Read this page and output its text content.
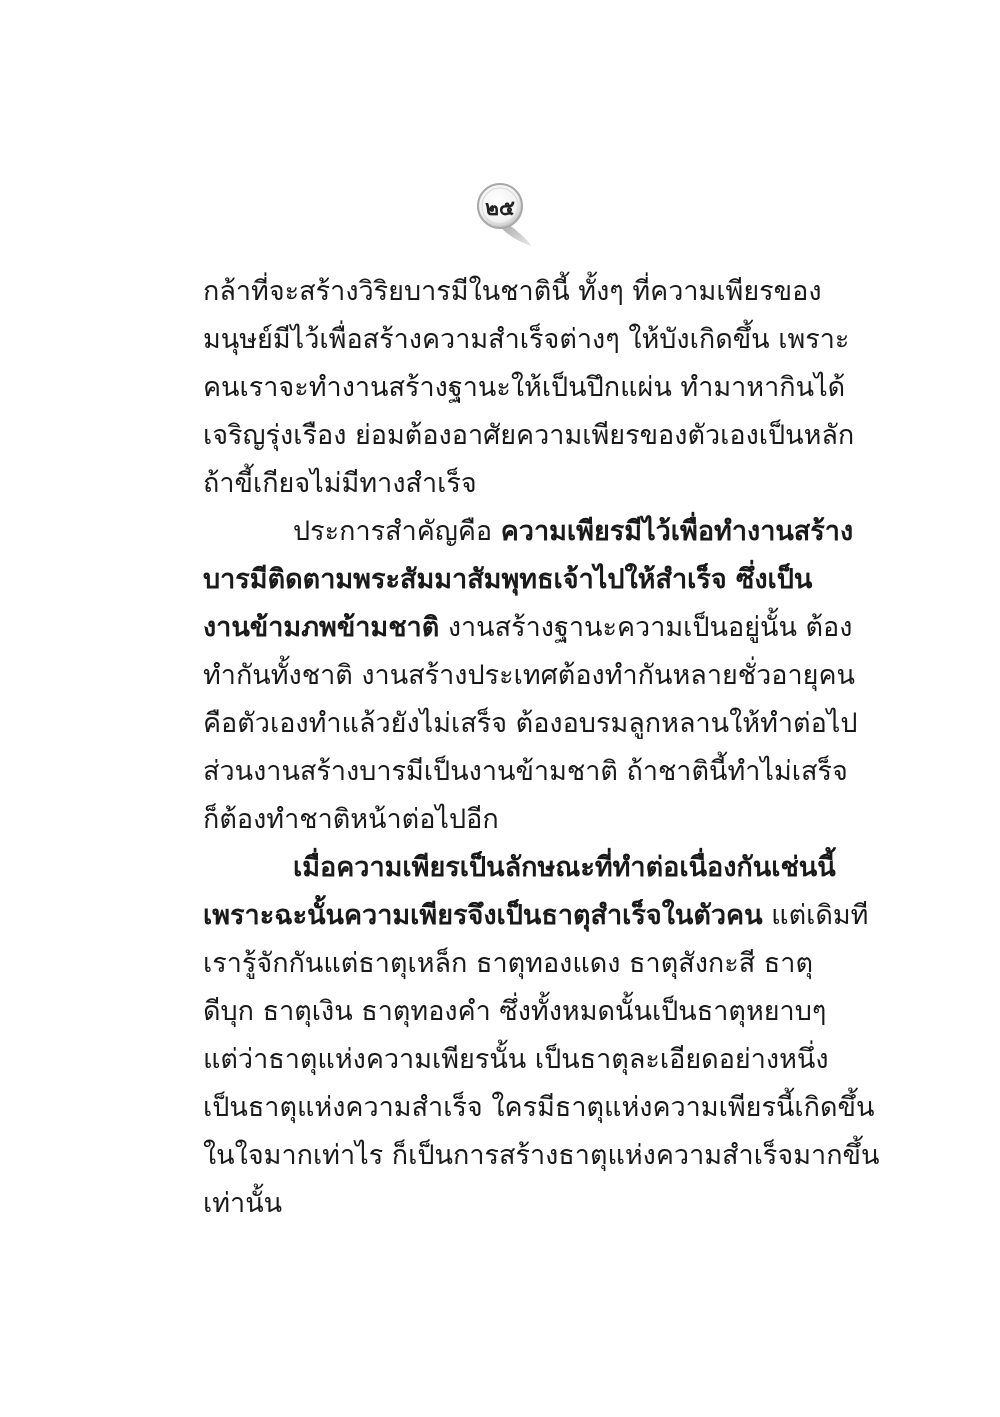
๒๕
กล้าที่จะสร้างวิริยบารมีในชาตินี้ ทั้งๆ ที่ความเพียรของ
มนุษย์มีไว้เพื่อสร้างความสำเร็จต่างๆ ให้บังเกิดขึ้น เพราะ
คนเราจะทำงานสร้างฐานะให้เป็นปึกแผ่น ทำมาหากินได้
เจริญรุ่งเรือง ย่อมต้องอาศัยความเพียรของตัวเองเป็นหลัก
ถ้าขี้เกียจไม่มีทางสำเร็จ
ประการสำคัญคือ ความเพียรมีไว้เพื่อทำงานสร้าง
บารมีติดตามพระสัมมาสัมพุทธเจ้าไปให้สำเร็จ ซึ่งเป็น
งานข้ามภพข้ามชาติ งานสร้างฐานะความเป็นอยู่นั้น ต้อง
ทำกันทั้งชาติ งานสร้างประเทศต้องทำกันหลายชั่วอายุคน
คือตัวเองทำแล้วยังไม่เสร็จ ต้องอบรมลูกหลานให้ทำต่อไป
ส่วนงานสร้างบารมีเป็นงานข้ามชาติ ถ้าชาตินี้ทำไม่เสร็จ
ก็ต้องทำชาติหน้าต่อไปอีก
เมื่อความเพียรเป็นลักษณะที่ทำต่อเนื่องกันเช่นนี้
เพราะฉะนั้นความเพียรจึงเป็นธาตุสำเร็จในตัวคน แต่เดิมที
เรารู้จักกันแต่ธาตุเหล็ก ธาตุทองแดง ธาตุสังกะสี ธาตุ
ดีบุก ธาตุเงิน ธาตุทองคำ ซึ่งทั้งหมดนั้นเป็นธาตุหยาบๆ
แต่ว่าธาตุแห่งความเพียรนั้น เป็นธาตุละเอียดอย่างหนึ่ง
เป็นธาตุแห่งความสำเร็จ ใครมีธาตุแห่งความเพียรนี้เกิดขึ้น
ในใจมากเท่าไร ก็เป็นการสร้างธาตุแห่งความสำเร็จมากขึ้น
เท่านั้น
